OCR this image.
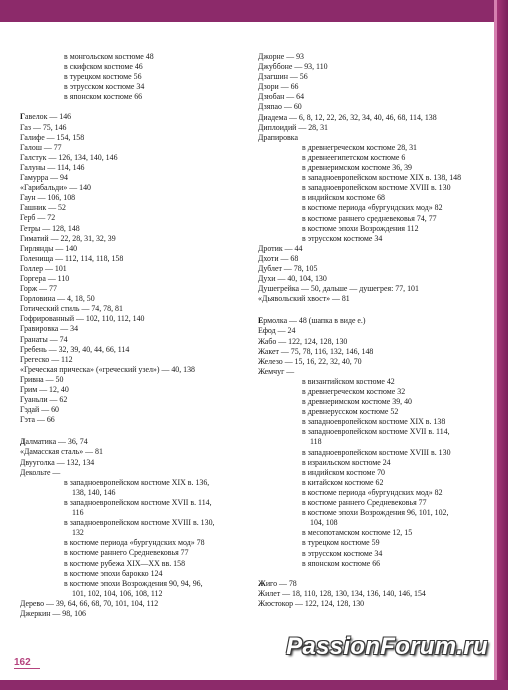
в монгольском костюме 48
в скифском костюме 46
в турецком костюме 56
в этрусском костюме 34
в японском костюме 66
Гавелок — 146
Газ — 75, 146
Галифе — 154, 158
Галош — 77
Галстук — 126, 134, 140, 146
Галуны — 114, 146
Гамурра — 94
«Гарибальди» — 140
Гаун — 106, 108
Гашник — 52
Герб — 72
Гетры — 128, 148
Гиматий — 22, 28, 31, 32, 39
Гирлянды — 140
Голенища — 112, 114, 118, 158
Голлер — 101
Горгера — 110
Горж — 77
Горловина — 4, 18, 50
Готический стиль — 74, 78, 81
Гофрированный — 102, 110, 112, 140
Гравировка — 34
Гранаты — 74
Гребень — 32, 39, 40, 44, 66, 114
Грегеско — 112
«Греческая прическа» («греческий узел») — 40, 138
Гривна — 50
Грим — 12, 40
Гуаньли — 62
Гэдай — 60
Гэта — 66
Далматика — 36, 74
«Дамасская сталь» — 81
Двууголка — 132, 134
Декольте —
в западноевропейском костюме XIX в. 136,
138, 140, 146
в западноевропейском костюме XVII в. 114,
116
в западноевропейском костюме XVIII в. 130,
132
в костюме периода «бургундских мод» 78
в костюме раннего Средневековья 77
в костюме рубежа XIX—XX вв. 158
в костюме эпохи барокко 124
в костюме эпохи Возрождения 90, 94, 96,
101, 102, 104, 106, 108, 112
Дерево — 39, 64, 66, 68, 70, 101, 104, 112
Джеркин — 98, 106
Джорне — 93
Джуббоне — 93, 110
Дзагшин — 56
Дзори — 66
Дзюбан — 64
Дзяпао — 60
Диадема — 6, 8, 12, 22, 26, 32, 34, 40, 46, 68, 114, 138
Диплоидий — 28, 31
Драпировка
в древнегреческом костюме 28, 31
в древнеегипетском костюме 6
в древнеримском костюме 36, 39
в западноевропейском костюме XIX в. 138, 148
в западноевропейском костюме XVIII в. 130
в индийском костюме 68
в костюме периода «бургундских мод» 82
в костюме раннего средневековья 74, 77
в костюме эпохи Возрождения 112
в этрусском костюме 34
Дротик — 44
Дхоти — 68
Дублет — 78, 105
Духи — 40, 104, 130
Душегрейка — 50, дальше — душегрея: 77, 101
«Дьявольский хвост» — 81
Ермолка — 48 (шапка в виде е.)
Ефод — 24
Жабо — 122, 124, 128, 130
Жакет — 75, 78, 116, 132, 146, 148
Железо — 15, 16, 22, 32, 40, 70
Жемчуг —
в византийском костюме 42
в древнегреческом костюме 32
в древнеримском костюме 39, 40
в древнерусском костюме 52
в западноевропейском костюме XIX в. 138
в западноевропейском костюме XVII в. 114,
118
в западноевропейском костюме XVIII в. 130
в израильском костюме 24
в индийском костюме 70
в китайском костюме 62
в костюме периода «бургундских мод» 82
в костюме раннего Средневековья 77
в костюме эпохи Возрождения 96, 101, 102,
104, 108
в месопотамском костюме 12, 15
в турецком костюме 59
в этрусском костюме 34
в японском костюме 66
Жиго — 78
Жилет — 18, 110, 128, 130, 134, 136, 140, 146, 154
Жюстокор — 122, 124, 128, 130
162
PassionForum.ru
